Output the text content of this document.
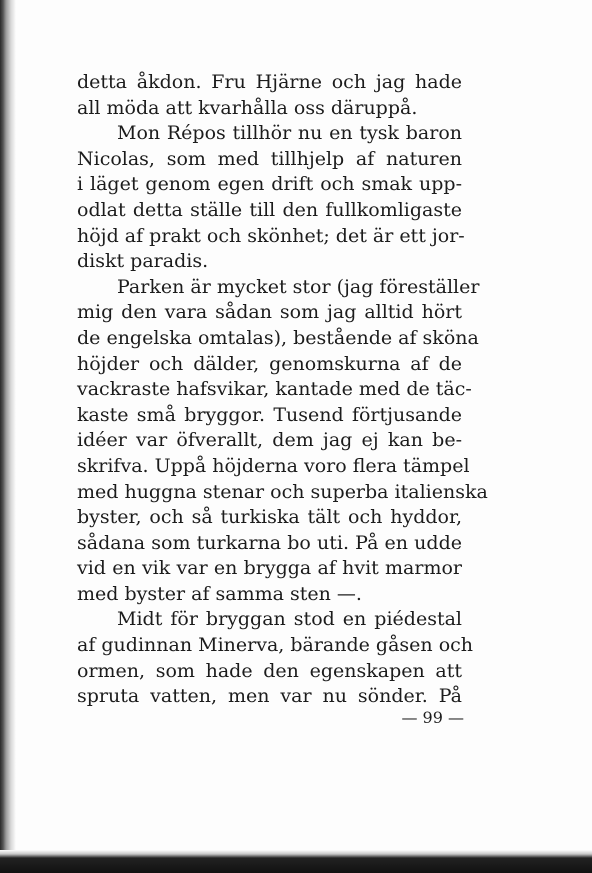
detta åkdon. Fru Hjärne och jag hade
all möda att kvarhålla oss däruppå.
Mon Répos tillhör nu en tysk baron
Nicolas, som med tillhjelp af naturen
i läget genom egen drift och smak upp-
odlat detta ställe till den fullkomligaste
höjd af prakt och skönhet; det är ett jor-
diskt paradis.
Parken är mycket stor (jag föreställer
mig den vara sådan som jag alltid hört
de engelska omtalas), bestående af sköna
höjder och dälder, genomskurna af de
vackraste hafsvikar, kantade med de täc-
kaste små bryggor. Tusend förtjusande
idéer var öfverallt, dem jag ej kan be-
skrifva. Uppå höjderna voro flera tämpel
med huggna stenar och superba italienska
byster, och så turkiska tält och hyddor,
sådana som turkarna bo uti. På en udde
vid en vik var en brygga af hvit marmor
med byster af samma sten —.
Midt för bryggan stod en piédestal
af gudinnan Minerva, bärande gåsen och
ormen, som hade den egenskapen att
spruta vatten, men var nu sönder. På
— 99 —
